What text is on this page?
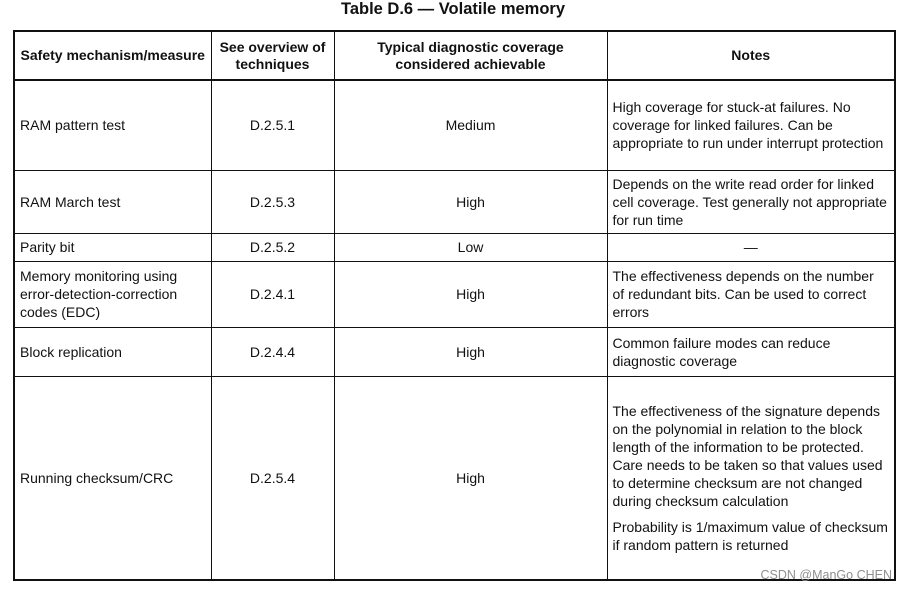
Table D.6 — Volatile memory
Safety mechanism/measure	See overview of techniques	Typical diagnostic coverage considered achievable	Notes
RAM pattern test	D.2.5.1	Medium	High coverage for stuck-at failures. No coverage for linked failures. Can be appropriate to run under interrupt protection

RAM March test	D.2.5.3	High	Depends on the write read order for linked cell coverage. Test generally not appropriate for run time

Parity bit	D.2.5.2	Low	—
Memory monitoring using error-detection-correction codes (EDC)	D.2.4.1	High	The effectiveness depends on the number of redundant bits. Can be used to correct errors

Block replication	D.2.4.4	High	Common failure modes can reduce diagnostic coverage

Running checksum/CRC	D.2.5.4	High	The effectiveness of the signature depends on the polynomial in relation to the block length of the information to be protected. Care needs to be taken so that values used to determine checksum are not changed during checksum calculation

Probability is 1/maximum value of checksum if random pattern is returned

CSDN @ManGo CHEN
